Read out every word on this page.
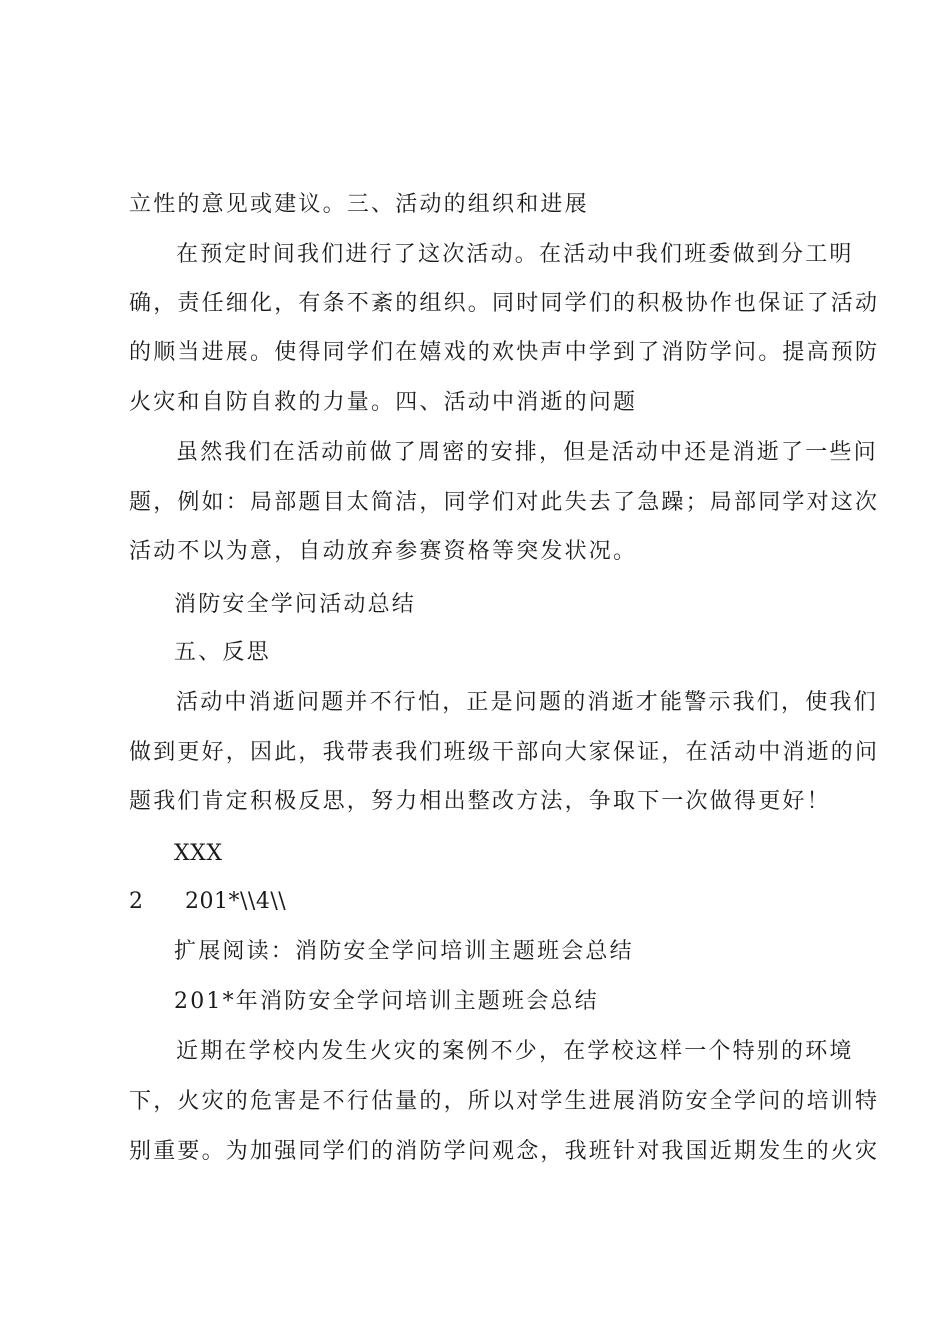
立性的意见或建议。三、活动的组织和进展
在预定时间我们进行了这次活动。在活动中我们班委做到分工明
确，责任细化，有条不紊的组织。同时同学们的积极协作也保证了活动
的顺当进展。使得同学们在嬉戏的欢快声中学到了消防学问。提高预防
火灾和自防自救的力量。四、活动中消逝的问题
虽然我们在活动前做了周密的安排，但是活动中还是消逝了一些问
题，例如：局部题目太简洁，同学们对此失去了急躁；局部同学对这次
活动不以为意，自动放弃参赛资格等突发状况。
消防安全学问活动总结
五、反思
活动中消逝问题并不行怕，正是问题的消逝才能警示我们，使我们
做到更好，因此，我带表我们班级干部向大家保证，在活动中消逝的问
题我们肯定积极反思，努力相出整改方法，争取下一次做得更好！
XXX
2 201*\\4\\
扩展阅读：消防安全学问培训主题班会总结
201*年消防安全学问培训主题班会总结
近期在学校内发生火灾的案例不少，在学校这样一个特别的环境
下，火灾的危害是不行估量的，所以对学生进展消防安全学问的培训特
别重要。为加强同学们的消防学问观念，我班针对我国近期发生的火灾
